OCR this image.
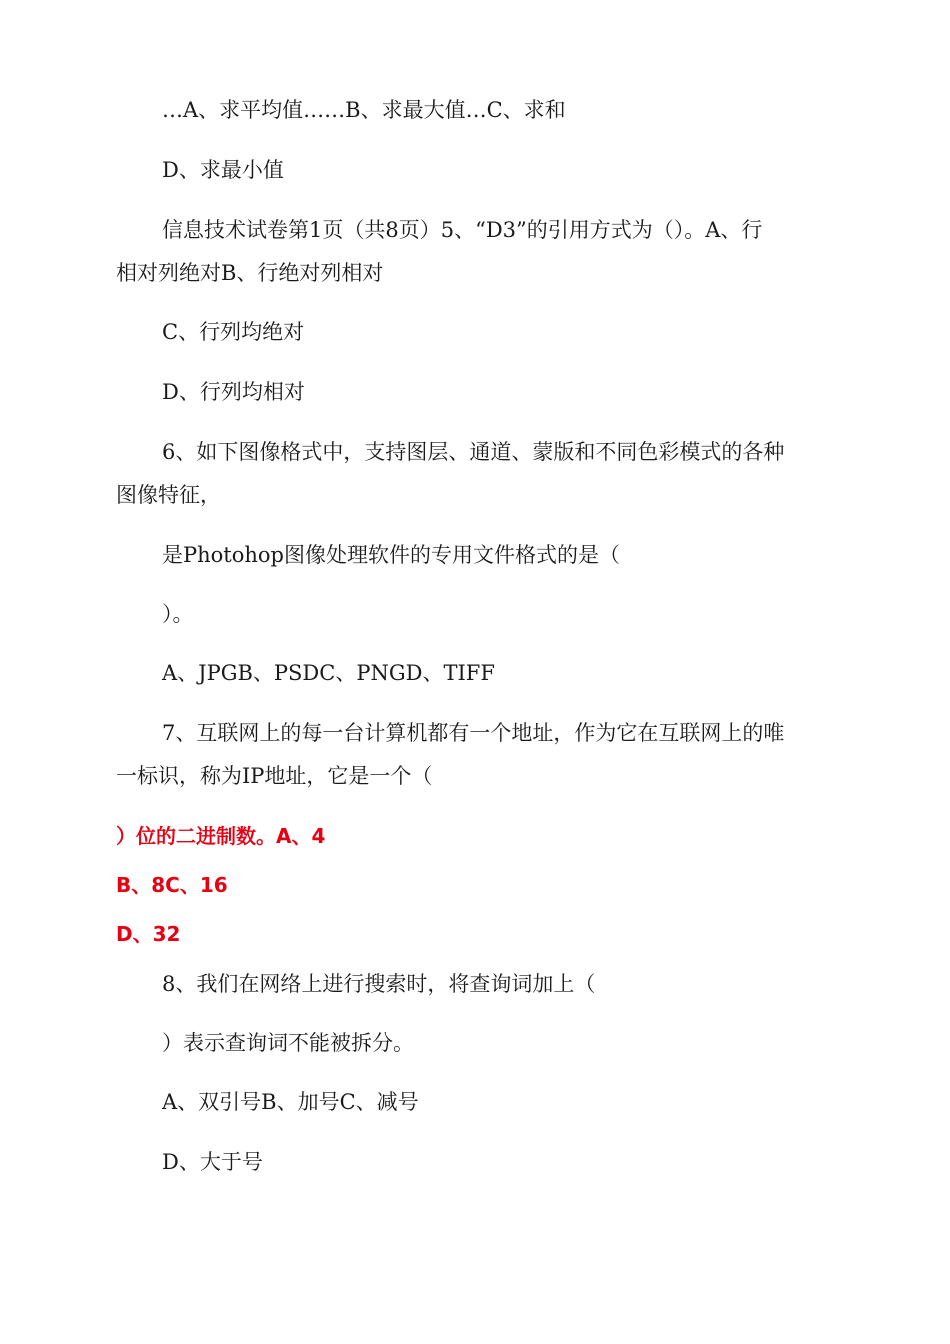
…A、求平均值……B、求最大值…C、求和
D、求最小值
信息技术试卷第1页（共8页）5、“D3”的引用方式为（）。A、行
相对列绝对B、行绝对列相对
C、行列均绝对
D、行列均相对
6、如下图像格式中，支持图层、通道、蒙版和不同色彩模式的各种
图像特征，
是Photohop图像处理软件的专用文件格式的是（
）。
A、JPGB、PSDC、PNGD、TIFF
7、互联网上的每一台计算机都有一个地址，作为它在互联网上的唯
一标识，称为IP地址，它是一个（
）位的二进制数。A、4
B、8C、16
D、32
8、我们在网络上进行搜索时，将查询词加上（
）表示查询词不能被拆分。
A、双引号B、加号C、减号
D、大于号
